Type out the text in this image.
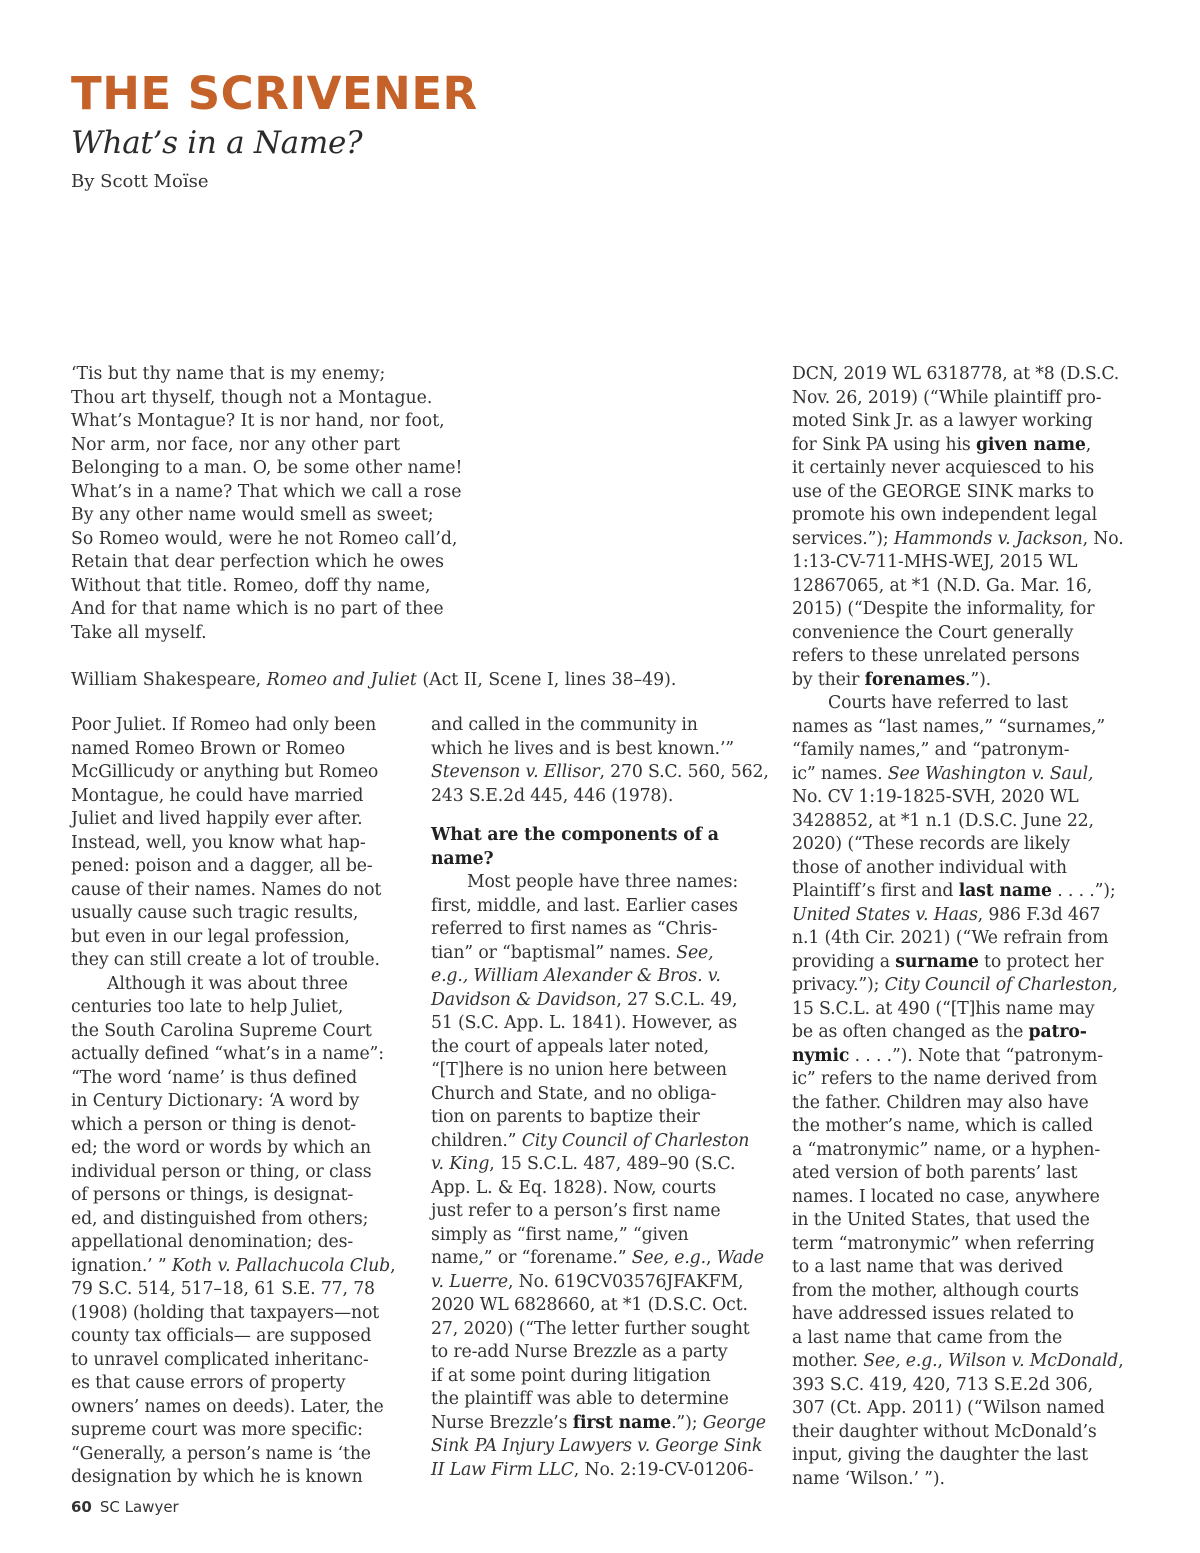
THE SCRIVENER
What’s in a Name?
By Scott Moïse
‘Tis but thy name that is my enemy;
Thou art thyself, though not a Montague.
What’s Montague? It is nor hand, nor foot,
Nor arm, nor face, nor any other part
Belonging to a man. O, be some other name!
What’s in a name? That which we call a rose
By any other name would smell as sweet;
So Romeo would, were he not Romeo call’d,
Retain that dear perfection which he owes
Without that title. Romeo, doff thy name,
And for that name which is no part of thee
Take all myself.
William Shakespeare, Romeo and Juliet (Act II, Scene I, lines 38–49).
Poor Juliet. If Romeo had only been
named Romeo Brown or Romeo
McGillicudy or anything but Romeo
Montague, he could have married
Juliet and lived happily ever after.
Instead, well, you know what hap-
pened: poison and a dagger, all be-
cause of their names. Names do not
usually cause such tragic results,
but even in our legal profession,
they can still create a lot of trouble.
Although it was about three
centuries too late to help Juliet,
the South Carolina Supreme Court
actually defined “what’s in a name”:
“The word ‘name’ is thus defined
in Century Dictionary: ‘A word by
which a person or thing is denot-
ed; the word or words by which an
individual person or thing, or class
of persons or things, is designat-
ed, and distinguished from others;
appellational denomination; des-
ignation.’ ” Koth v. Pallachucola Club,
79 S.C. 514, 517–18, 61 S.E. 77, 78
(1908) (holding that taxpayers—not
county tax officials— are supposed
to unravel complicated inheritanc-
es that cause errors of property
owners’ names on deeds). Later, the
supreme court was more specific:
“Generally, a person’s name is ‘the
designation by which he is known
and called in the community in
which he lives and is best known.’”
Stevenson v. Ellisor, 270 S.C. 560, 562,
243 S.E.2d 445, 446 (1978).
What are the components of a
name?
Most people have three names:
first, middle, and last. Earlier cases
referred to first names as “Chris-
tian” or “baptismal” names. See,
e.g., William Alexander & Bros. v.
Davidson & Davidson, 27 S.C.L. 49,
51 (S.C. App. L. 1841). However, as
the court of appeals later noted,
“[T]here is no union here between
Church and State, and no obliga-
tion on parents to baptize their
children.” City Council of Charleston
v. King, 15 S.C.L. 487, 489–90 (S.C.
App. L. & Eq. 1828). Now, courts
just refer to a person’s first name
simply as “first name,” “given
name,” or “forename.” See, e.g., Wade
v. Luerre, No. 619CV03576JFAKFM,
2020 WL 6828660, at *1 (D.S.C. Oct.
27, 2020) (“The letter further sought
to re-add Nurse Brezzle as a party
if at some point during litigation
the plaintiff was able to determine
Nurse Brezzle’s first name.”); George
Sink PA Injury Lawyers v. George Sink
II Law Firm LLC, No. 2:19-CV-01206-
DCN, 2019 WL 6318778, at *8 (D.S.C.
Nov. 26, 2019) (“While plaintiff pro-
moted Sink Jr. as a lawyer working
for Sink PA using his given name,
it certainly never acquiesced to his
use of the GEORGE SINK marks to
promote his own independent legal
services.”); Hammonds v. Jackson, No.
1:13-CV-711-MHS-WEJ, 2015 WL
12867065, at *1 (N.D. Ga. Mar. 16,
2015) (“Despite the informality, for
convenience the Court generally
refers to these unrelated persons
by their forenames.”).
Courts have referred to last
names as “last names,” “surnames,”
“family names,” and “patronym-
ic” names. See Washington v. Saul,
No. CV 1:19-1825-SVH, 2020 WL
3428852, at *1 n.1 (D.S.C. June 22,
2020) (“These records are likely
those of another individual with
Plaintiff’s first and last name . . . .”);
United States v. Haas, 986 F.3d 467
n.1 (4th Cir. 2021) (“We refrain from
providing a surname to protect her
privacy.”); City Council of Charleston,
15 S.C.L. at 490 (“[T]his name may
be as often changed as the patro-
nymic . . . .”). Note that “patronym-
ic” refers to the name derived from
the father. Children may also have
the mother’s name, which is called
a “matronymic” name, or a hyphen-
ated version of both parents’ last
names. I located no case, anywhere
in the United States, that used the
term “matronymic” when referring
to a last name that was derived
from the mother, although courts
have addressed issues related to
a last name that came from the
mother. See, e.g., Wilson v. McDonald,
393 S.C. 419, 420, 713 S.E.2d 306,
307 (Ct. App. 2011) (“Wilson named
their daughter without McDonald’s
input, giving the daughter the last
name ‘Wilson.’ ”).
60 SC Lawyer
